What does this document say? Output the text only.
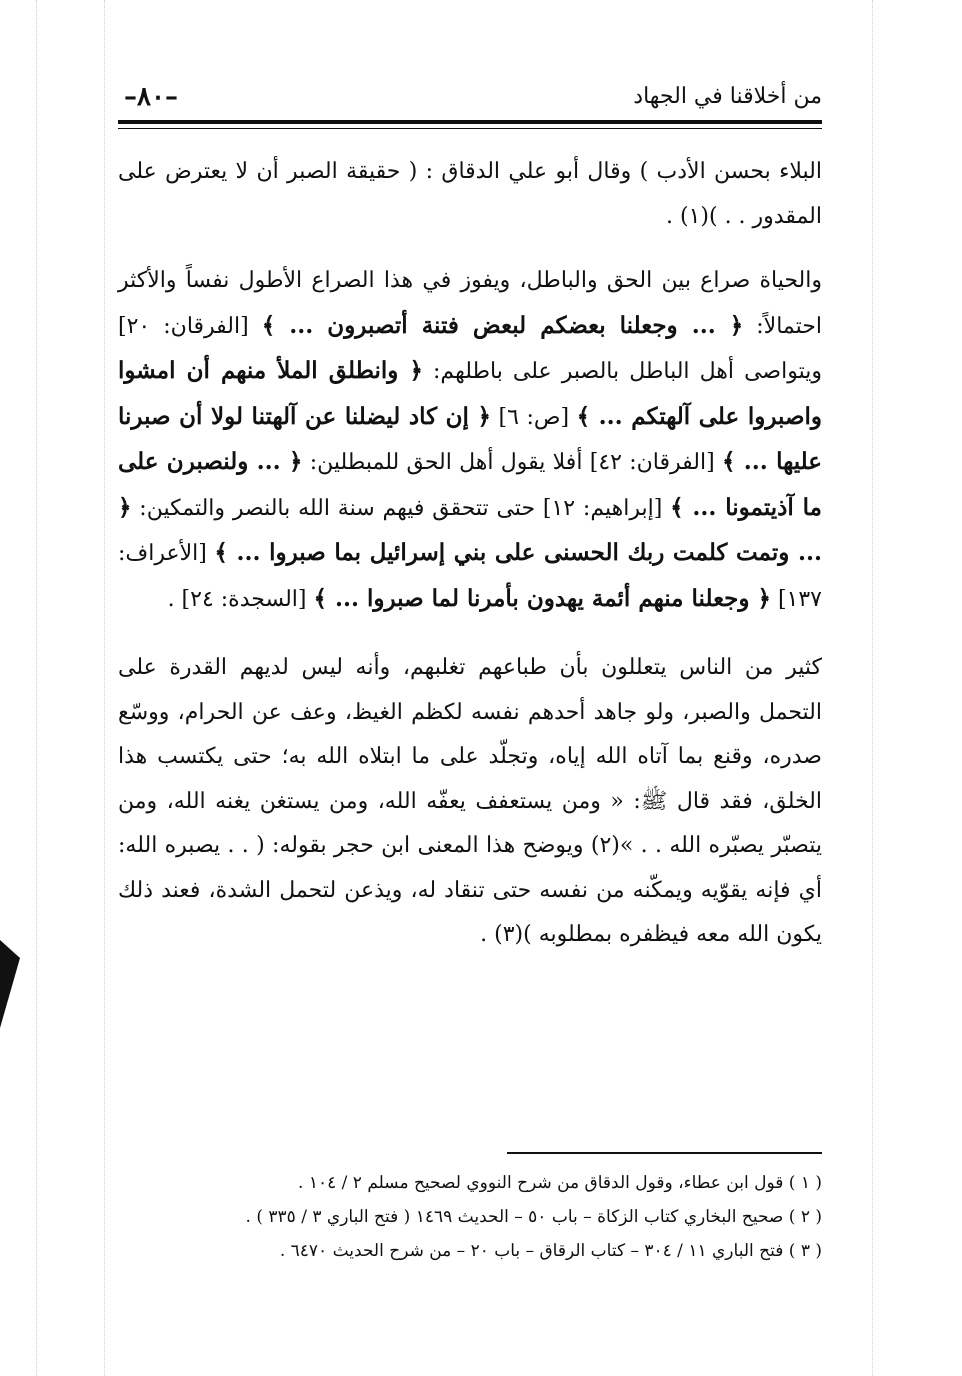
–٨٠–	من أخلاقنا في الجهاد

البلاء بحسن الأدب ) وقال أبو علي الدقاق : ( حقيقة الصبر أن لا يعترض على المقدور . . )(١) .

والحياة صراع بين الحق والباطل، ويفوز في هذا الصراع الأطول نفساً والأكثر احتمالاً: ﴿ ... وجعلنا بعضكم لبعض فتنة أتصبرون ... ﴾ [الفرقان: ٢٠] ويتواصى أهل الباطل بالصبر على باطلهم: ﴿ وانطلق الملأ منهم أن امشوا واصبروا على آلهتكم ... ﴾ [ص: ٦] ﴿ إن كاد ليضلنا عن آلهتنا لولا أن صبرنا عليها ... ﴾ [الفرقان: ٤٢] أفلا يقول أهل الحق للمبطلين: ﴿ ... ولنصبرن على ما آذيتمونا ... ﴾ [إبراهيم: ١٢] حتى تتحقق فيهم سنة الله بالنصر والتمكين: ﴿ ... وتمت كلمت ربك الحسنى على بني إسرائيل بما صبروا ... ﴾ [الأعراف: ١٣٧] ﴿ وجعلنا منهم أئمة يهدون بأمرنا لما صبروا ... ﴾ [السجدة: ٢٤] .

كثير من الناس يتعللون بأن طباعهم تغلبهم، وأنه ليس لديهم القدرة على التحمل والصبر، ولو جاهد أحدهم نفسه لكظم الغيظ، وعف عن الحرام، ووسّع صدره، وقنع بما آتاه الله إياه، وتجلّد على ما ابتلاه الله به؛ حتى يكتسب هذا الخلق، فقد قال ﷺ: « ومن يستعفف يعفّه الله، ومن يستغن يغنه الله، ومن يتصبّر يصبّره الله . . »(٢) ويوضح هذا المعنى ابن حجر بقوله: ( . . يصبره الله: أي فإنه يقوّيه ويمكّنه من نفسه حتى تنقاد له، ويذعن لتحمل الشدة، فعند ذلك يكون الله معه فيظفره بمطلوبه )(٣) .

( ١ ) قول ابن عطاء، وقول الدقاق من شرح النووي لصحيح مسلم ٢ / ١٠٤ .

( ٢ ) صحيح البخاري كتاب الزكاة – باب ٥٠ – الحديث ١٤٦٩ ( فتح الباري ٣ / ٣٣٥ ) .

( ٣ ) فتح الباري ١١ / ٣٠٤ – كتاب الرقاق – باب ٢٠ – من شرح الحديث ٦٤٧٠ .
